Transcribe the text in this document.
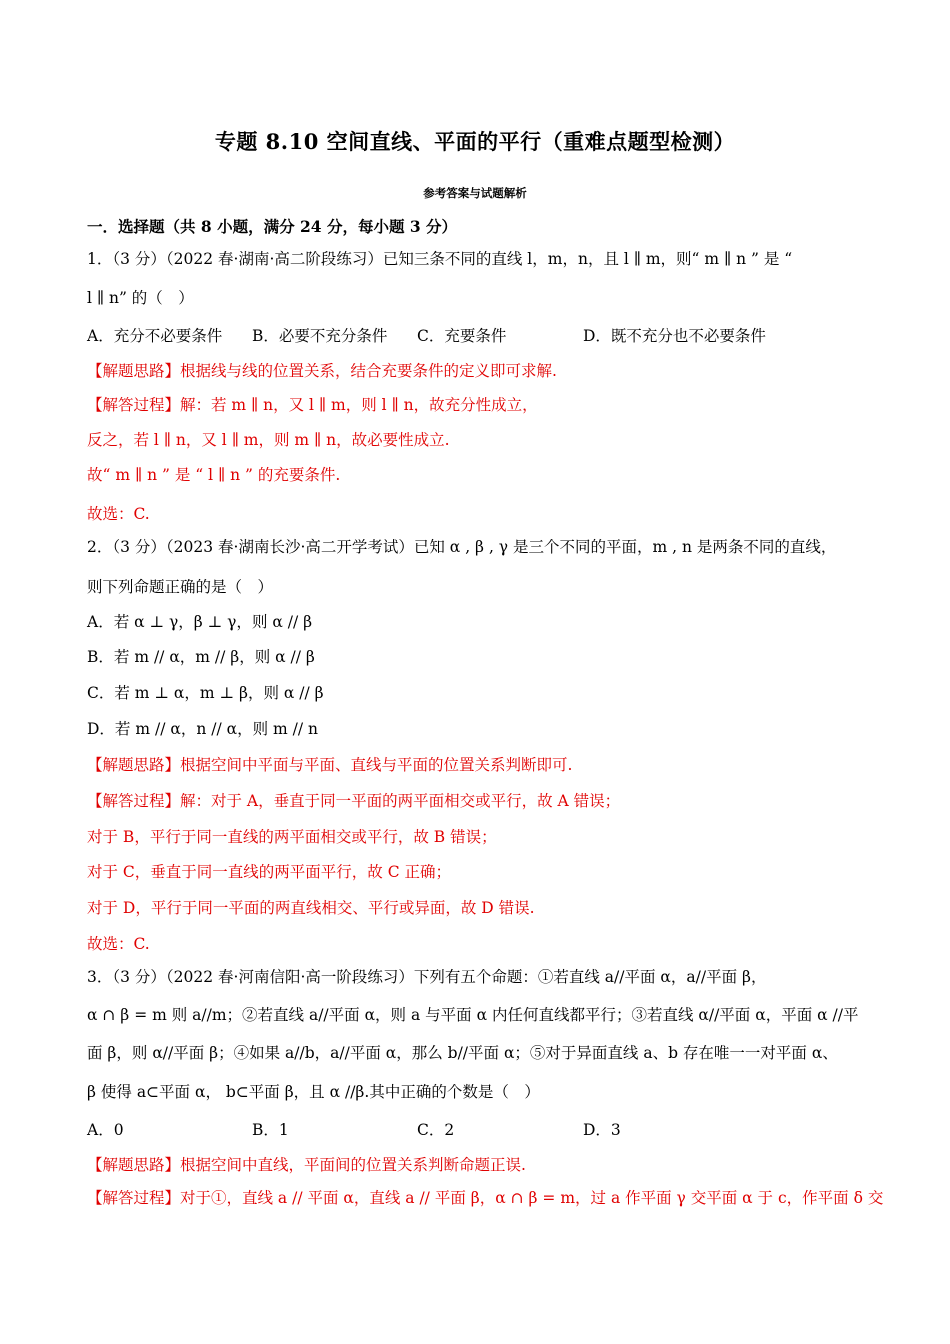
专题 8.10 空间直线、平面的平行（重难点题型检测）
参考答案与试题解析
一．选择题（共 8 小题，满分 24 分，每小题 3 分）
1．（3 分）（2022 春·湖南·高二阶段练习）已知三条不同的直线 l，m，n，且 l ∥ m，则“ m ∥ n ” 是 “
l ∥ n” 的（　）
A．充分不必要条件	B．必要不充分条件	C．充要条件	D．既不充分也不必要条件
【解题思路】根据线与线的位置关系，结合充要条件的定义即可求解.
【解答过程】解：若 m ∥ n，又 l ∥ m，则 l ∥ n，故充分性成立，
反之，若 l ∥ n，又 l ∥ m，则 m ∥ n，故必要性成立.
故“ m ∥ n ” 是 “ l ∥ n ” 的充要条件.
故选：C.
2．（3 分）（2023 春·湖南长沙·高二开学考试）已知 α , β , γ 是三个不同的平面，m , n 是两条不同的直线，
则下列命题正确的是（　）
A．若 α ⊥ γ，β ⊥ γ，则 α // β
B．若 m // α，m // β，则 α // β
C．若 m ⊥ α，m ⊥ β，则 α // β
D．若 m // α，n // α，则 m // n
【解题思路】根据空间中平面与平面、直线与平面的位置关系判断即可.
【解答过程】解：对于 A，垂直于同一平面的两平面相交或平行，故 A 错误；
对于 B，平行于同一直线的两平面相交或平行，故 B 错误；
对于 C，垂直于同一直线的两平面平行，故 C 正确；
对于 D，平行于同一平面的两直线相交、平行或异面，故 D 错误.
故选：C.
3．（3 分）（2022 春·河南信阳·高一阶段练习）下列有五个命题：①若直线 a//平面 α，a//平面 β，
α ∩ β = m 则 a//m；②若直线 a//平面 α，则 a 与平面 α 内任何直线都平行；③若直线 α//平面 α，平面 α //平
面 β，则 α//平面 β；④如果 a//b，a//平面 α，那么 b//平面 α；⑤对于异面直线 a、b 存在唯一一对平面 α、
β 使得 a⊂平面 α， b⊂平面 β，且 α //β.其中正确的个数是（　）
A．0	B．1	C．2	D．3
【解题思路】根据空间中直线，平面间的位置关系判断命题正误.
【解答过程】对于①，直线 a // 平面 α，直线 a // 平面 β，α ∩ β = m，过 a 作平面 γ 交平面 α 于 c，作平面 δ 交
